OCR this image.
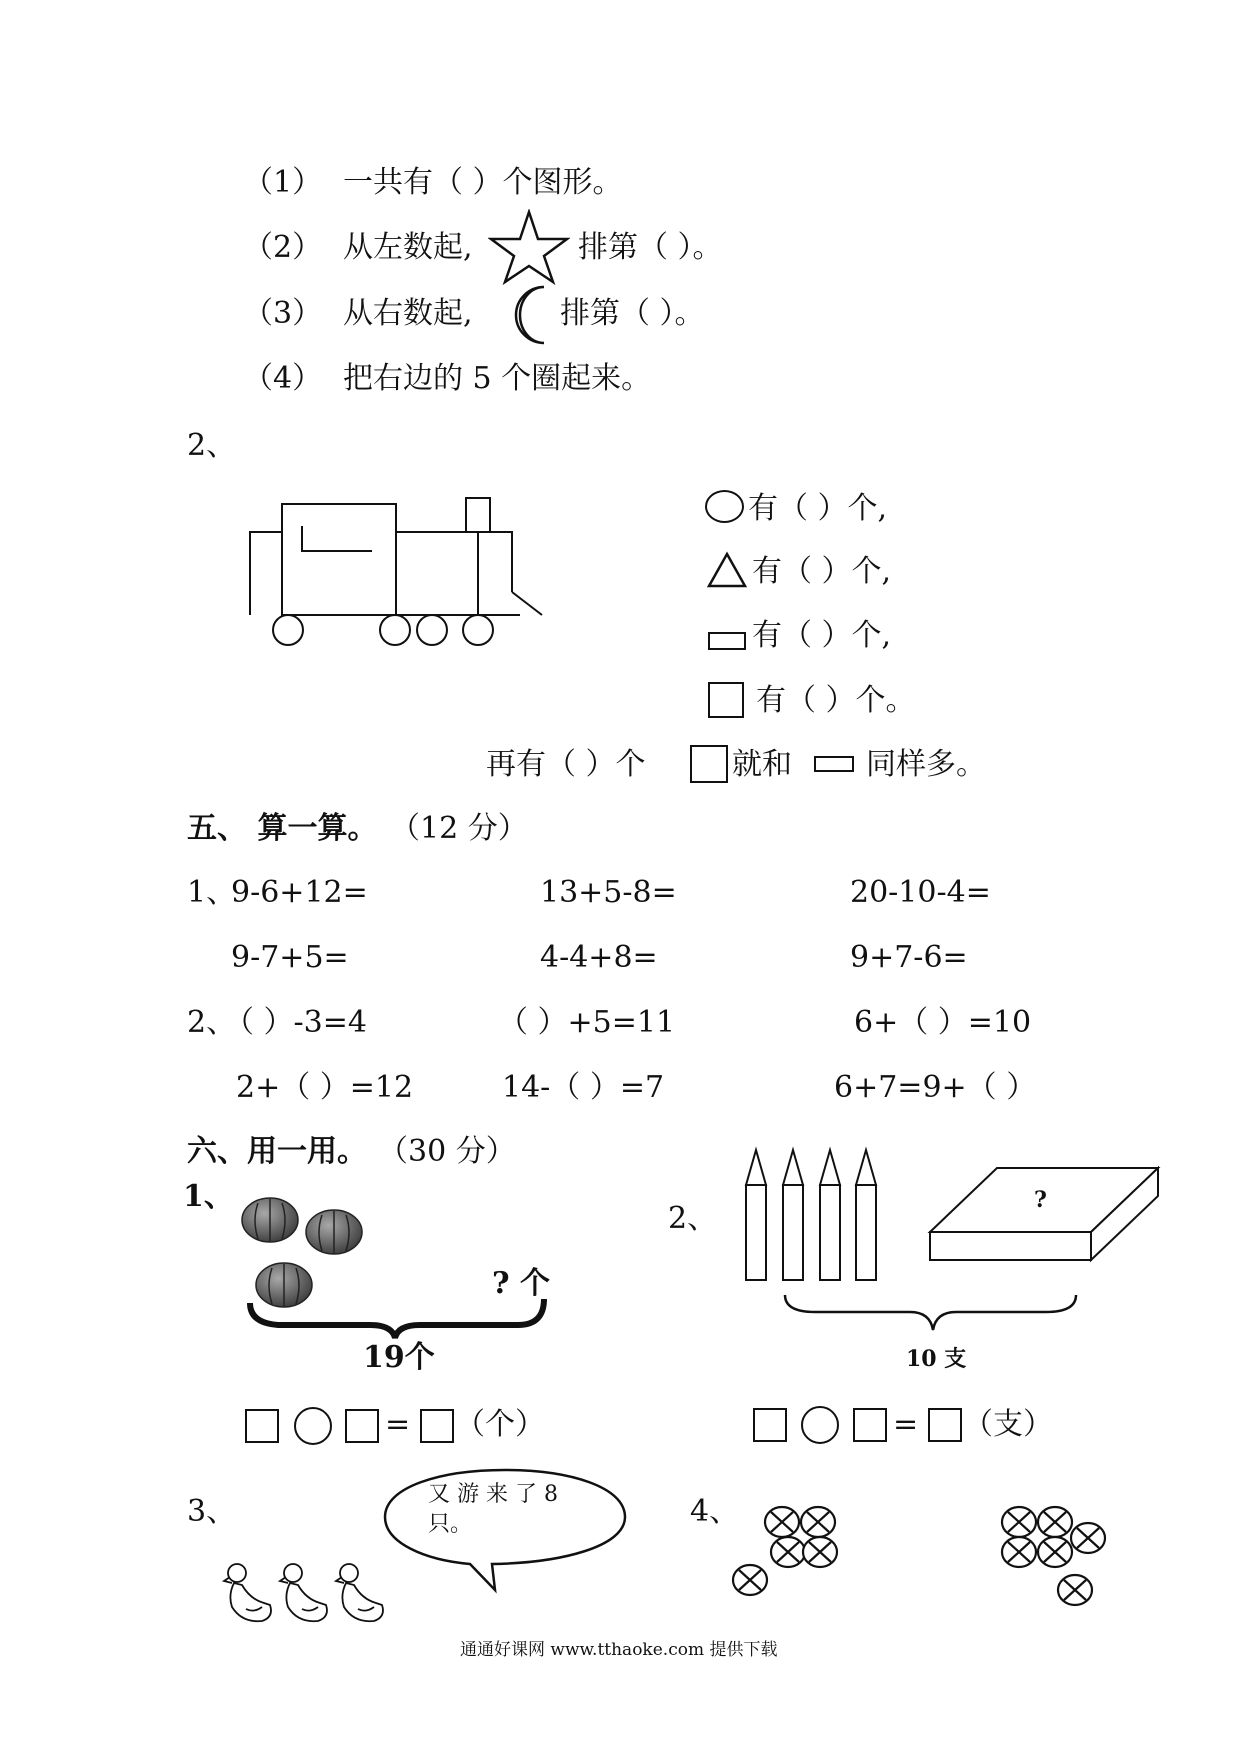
（1） 一共有（ ）个图形。
（2） 从左数起,	排第（ ）。
（3） 从右数起,	排第（ ）。
（4） 把右边的 5 个圈起来。
2、
有（ ）个,
有（ ）个,
有（ ）个,
有（ ）个。
再有（ ）个	就和 同样多。
五、 算一算。 （12 分）
1、
9-6+12=	13+5-8=	20-10-4=
9-7+5=	4-4+8=	9+7-6=
2、
（ ）-3=4	（ ）+5=11	6+（ ）=10
2+（ ）=12	14-（ ）=7	6+7=9+（ ）
六、用一用。 （30 分）
1、
? 个
19个
= （个）
2、
?
10 支
= （支）
3、	又 游 来 了 8
只。	4、
通通好课网 www.tthaoke.com 提供下载
